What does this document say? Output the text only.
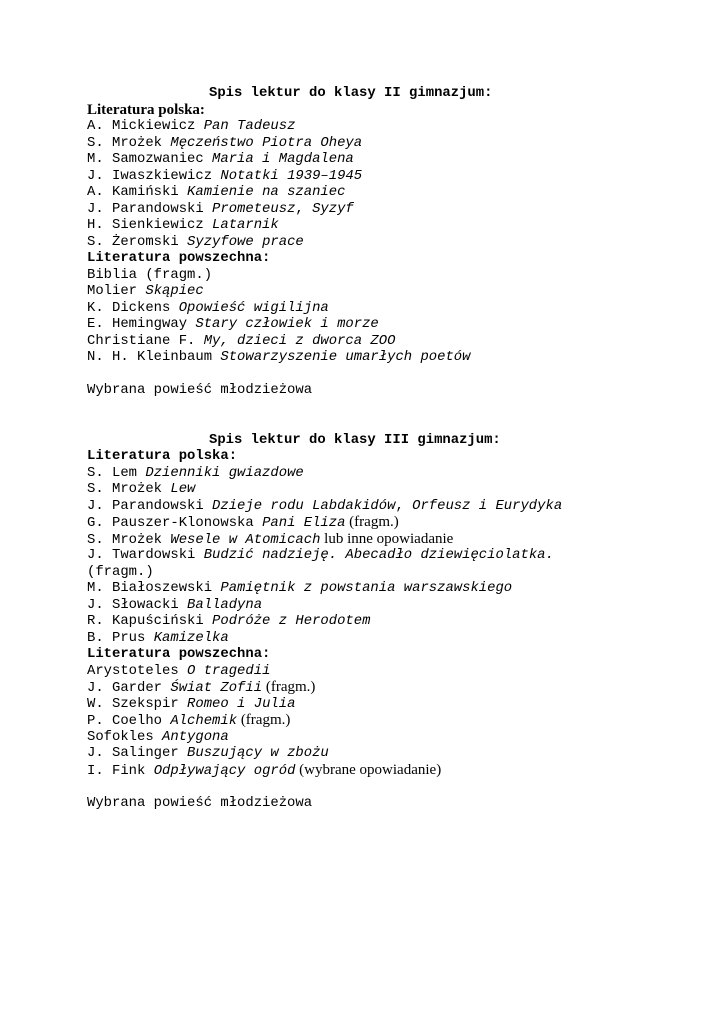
Spis lektur do klasy II gimnazjum:
Literatura polska:
A. Mickiewicz Pan Tadeusz
S. Mrożek Męczeństwo Piotra Oheya
M. Samozwaniec Maria i Magdalena
J. Iwaszkiewicz Notatki 1939–1945
A. Kamiński Kamienie na szaniec
J. Parandowski Prometeusz, Syzyf
H. Sienkiewicz Latarnik
S. Żeromski Syzyfowe prace
Literatura powszechna:
Biblia (fragm.)
Molier Skąpiec
K. Dickens Opowieść wigilijna
E. Hemingway Stary człowiek i morze
Christiane F. My, dzieci z dworca ZOO
N. H. Kleinbaum Stowarzyszenie umarłych poetów
Wybrana powieść młodzieżowa
Spis lektur do klasy III gimnazjum:
Literatura polska:
S. Lem Dzienniki gwiazdowe
S. Mrożek Lew
J. Parandowski Dzieje rodu Labdakidów, Orfeusz i Eurydyka
G. Pauszer-Klonowska Pani Eliza (fragm.)
S. Mrożek Wesele w Atomicach lub inne opowiadanie
J. Twardowski Budzić nadzieję. Abecadło dziewięciolatka.
(fragm.)
M. Białoszewski Pamiętnik z powstania warszawskiego
J. Słowacki Balladyna
R. Kapuściński Podróże z Herodotem
B. Prus Kamizelka
Literatura powszechna:
Arystoteles O tragedii
J. Garder Świat Zofii (fragm.)
W. Szekspir Romeo i Julia
P. Coelho Alchemik (fragm.)
Sofokles Antygona
J. Salinger Buszujący w zbożu
I. Fink Odpływający ogród (wybrane opowiadanie)
Wybrana powieść młodzieżowa
